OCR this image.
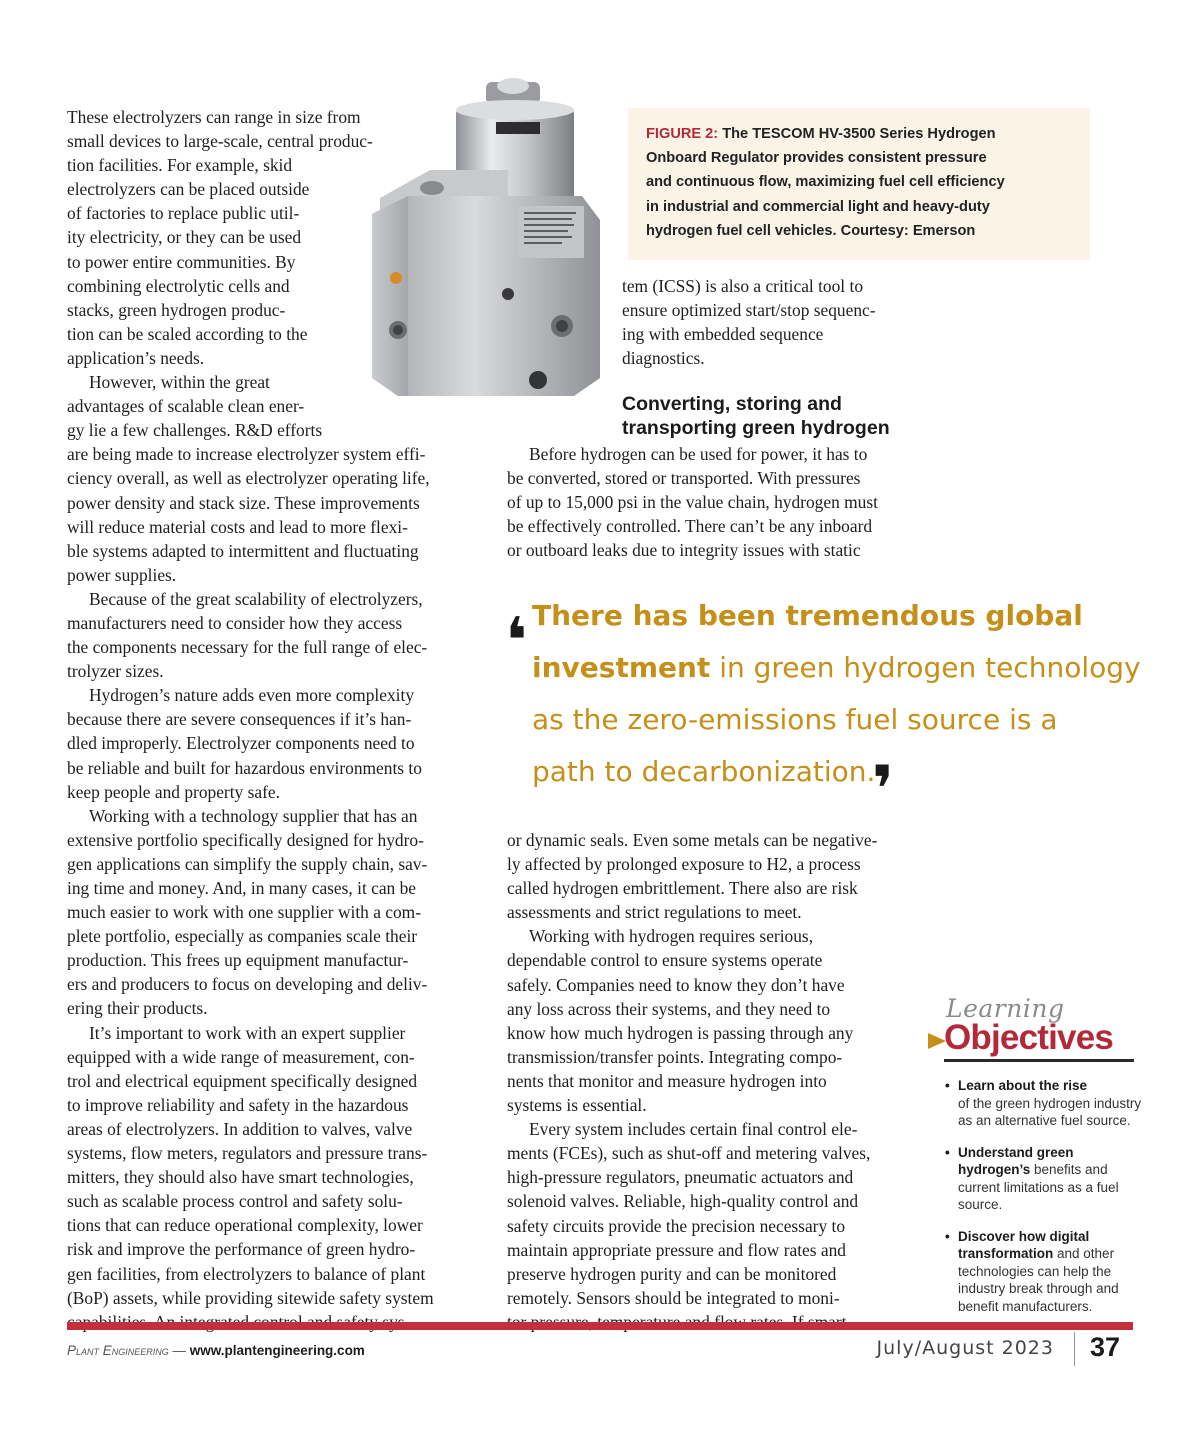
These electrolyzers can range in size from
small devices to large-scale, central produc-
tion facilities. For example, skid
electrolyzers can be placed outside
of factories to replace public util-
ity electricity, or they can be used
to power entire communities. By
combining electrolytic cells and
stacks, green hydrogen produc-
tion can be scaled according to the
application’s needs.
However, within the great
advantages of scalable clean ener-
gy lie a few challenges. R&D efforts
are being made to increase electrolyzer system effi-
ciency overall, as well as electrolyzer operating life,
power density and stack size. These improvements
will reduce material costs and lead to more flexi-
ble systems adapted to intermittent and fluctuating
power supplies.
Because of the great scalability of electrolyzers,
manufacturers need to consider how they access
the components necessary for the full range of elec-
trolyzer sizes.
Hydrogen’s nature adds even more complexity
because there are severe consequences if it’s han-
dled improperly. Electrolyzer components need to
be reliable and built for hazardous environments to
keep people and property safe.
Working with a technology supplier that has an
extensive portfolio specifically designed for hydro-
gen applications can simplify the supply chain, sav-
ing time and money. And, in many cases, it can be
much easier to work with one supplier with a com-
plete portfolio, especially as companies scale their
production. This frees up equipment manufactur-
ers and producers to focus on developing and deliv-
ering their products.
It’s important to work with an expert supplier
equipped with a wide range of measurement, con-
trol and electrical equipment specifically designed
to improve reliability and safety in the hazardous
areas of electrolyzers. In addition to valves, valve
systems, flow meters, regulators and pressure trans-
mitters, they should also have smart technologies,
such as scalable process control and safety solu-
tions that can reduce operational complexity, lower
risk and improve the performance of green hydro-
gen facilities, from electrolyzers to balance of plant
(BoP) assets, while providing sitewide safety system
FIGURE 2: The TESCOM HV-3500 Series Hydrogen
Onboard Regulator provides consistent pressure
and continuous flow, maximizing fuel cell efficiency
in industrial and commercial light and heavy-duty
hydrogen fuel cell vehicles. Courtesy: Emerson
tem (ICSS) is also a critical tool to
ensure optimized start/stop sequenc-
ing with embedded sequence
diagnostics.
Converting, storing and
transporting green hydrogen
Before hydrogen can be used for power, it has to
be converted, stored or transported. With pressures
of up to 15,000 psi in the value chain, hydrogen must
be effectively controlled. There can’t be any inboard
or outboard leaks due to integrity issues with static
❜ There has been tremendous global
investment in green hydrogen technology
as the zero-emissions fuel source is a
path to decarbonization.
❜
or dynamic seals. Even some metals can be negative-
ly affected by prolonged exposure to H2, a process
called hydrogen embrittlement. There also are risk
assessments and strict regulations to meet.
Working with hydrogen requires serious,
dependable control to ensure systems operate
safely. Companies need to know they don’t have
any loss across their systems, and they need to
know how much hydrogen is passing through any
transmission/transfer points. Integrating compo-
nents that monitor and measure hydrogen into
systems is essential.
Every system includes certain final control ele-
ments (FCEs), such as shut-off and metering valves,
high-pressure regulators, pneumatic actuators and
solenoid valves. Reliable, high-quality control and
safety circuits provide the precision necessary to
maintain appropriate pressure and flow rates and
preserve hydrogen purity and can be monitored
remotely. Sensors should be integrated to moni-
Learning
Objectives
• Learn about the rise
of the green hydrogen industry as an alternative fuel source.
• Understand green hydrogen’s benefits and current limitations as a fuel source.
• Discover how digital transformation and other technologies can help the industry break through and benefit manufacturers.
Plant Engineering — www.plantengineering.com	July/August 2023 37
